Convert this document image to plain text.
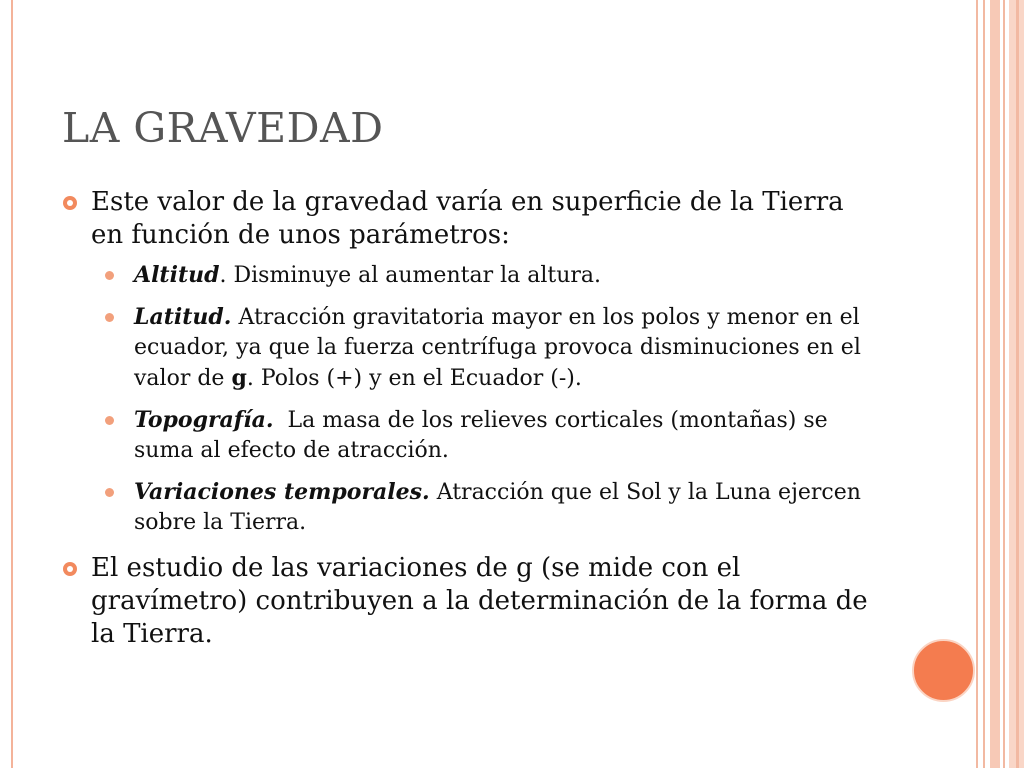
LA GRAVEDAD
Este valor de la gravedad varía en superficie de la Tierra en función de unos parámetros:
Altitud. Disminuye al aumentar la altura.
Latitud. Atracción gravitatoria mayor en los polos y menor en el ecuador, ya que la fuerza centrífuga provoca disminuciones en el valor de g. Polos (+) y en el Ecuador (-).
Topografía.  La masa de los relieves corticales (montañas) se suma al efecto de atracción.
Variaciones temporales. Atracción que el Sol y la Luna ejercen sobre la Tierra.
El estudio de las variaciones de g (se mide con el gravímetro) contribuyen a la determinación de la forma de la Tierra.
